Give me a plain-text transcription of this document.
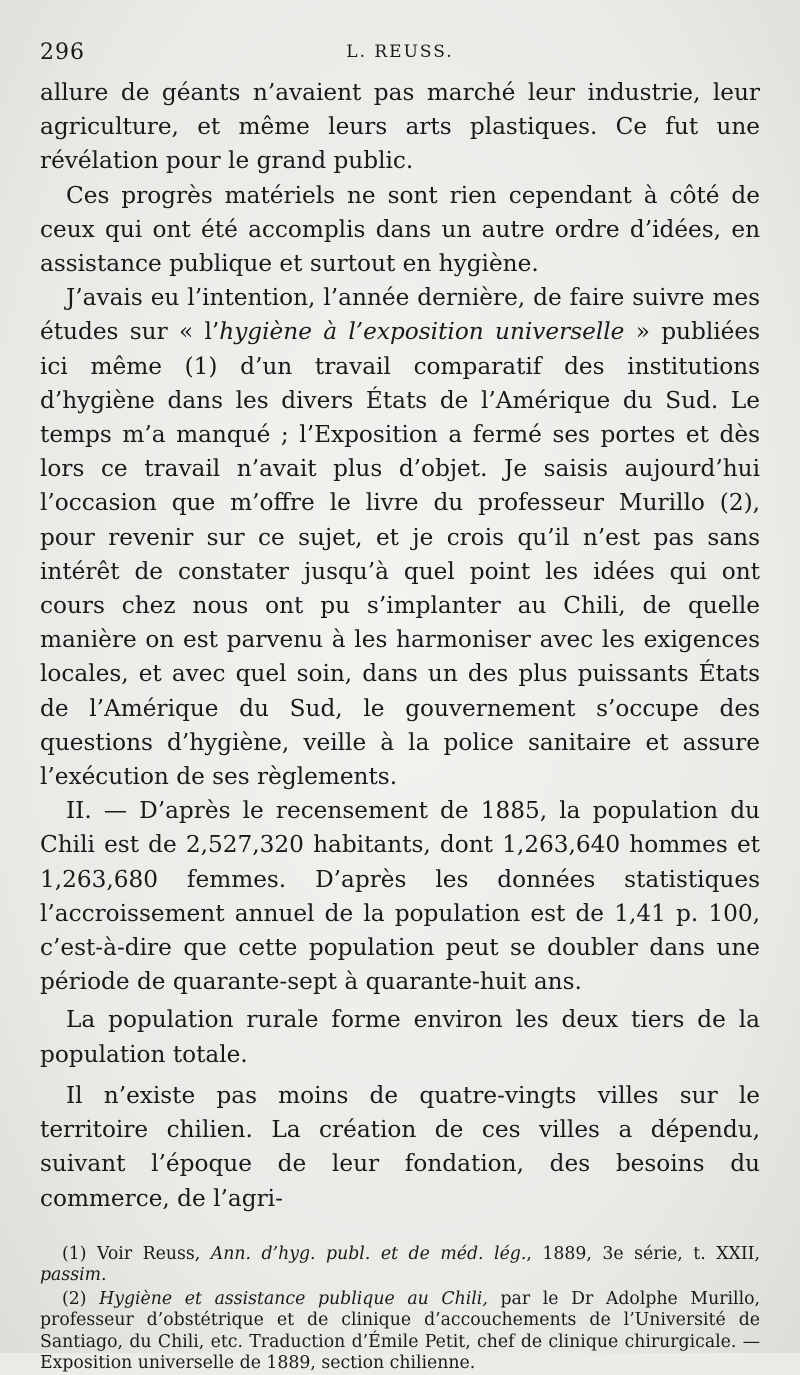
296	L. REUSS.

allure de géants n’avaient pas marché leur industrie, leur agriculture, et même leurs arts plastiques. Ce fut une révélation pour le grand public.

Ces progrès matériels ne sont rien cependant à côté de ceux qui ont été accomplis dans un autre ordre d’idées, en assistance publique et surtout en hygiène.

J’avais eu l’intention, l’année dernière, de faire suivre mes études sur « l’hygiène à l’exposition universelle » publiées ici même (1) d’un travail comparatif des institutions d’hygiène dans les divers États de l’Amérique du Sud. Le temps m’a manqué ; l’Exposition a fermé ses portes et dès lors ce travail n’avait plus d’objet. Je saisis aujourd’hui l’occasion que m’offre le livre du professeur Murillo (2), pour revenir sur ce sujet, et je crois qu’il n’est pas sans intérêt de constater jusqu’à quel point les idées qui ont cours chez nous ont pu s’implanter au Chili, de quelle manière on est parvenu à les harmoniser avec les exigences locales, et avec quel soin, dans un des plus puissants États de l’Amérique du Sud, le gouvernement s’occupe des questions d’hygiène, veille à la police sanitaire et assure l’exécution de ses règlements.

II. — D’après le recensement de 1885, la population du Chili est de 2,527,320 habitants, dont 1,263,640 hommes et 1,263,680 femmes. D’après les données statistiques l’accroissement annuel de la population est de 1,41 p. 100, c’est-à-dire que cette population peut se doubler dans une période de quarante-sept à quarante-huit ans.

La population rurale forme environ les deux tiers de la population totale.

Il n’existe pas moins de quatre-vingts villes sur le territoire chilien. La création de ces villes a dépendu, suivant l’époque de leur fondation, des besoins du commerce, de l’agri-

(1) Voir Reuss, Ann. d’hyg. publ. et de méd. lég., 1889, 3e série, t. XXII, passim.

(2) Hygiène et assistance publique au Chili, par le Dr Adolphe Murillo, professeur d’obstétrique et de clinique d’accouchements de l’Université de Santiago, du Chili, etc. Traduction d’Émile Petit, chef de clinique chirurgicale. — Exposition universelle de 1889, section chilienne.
